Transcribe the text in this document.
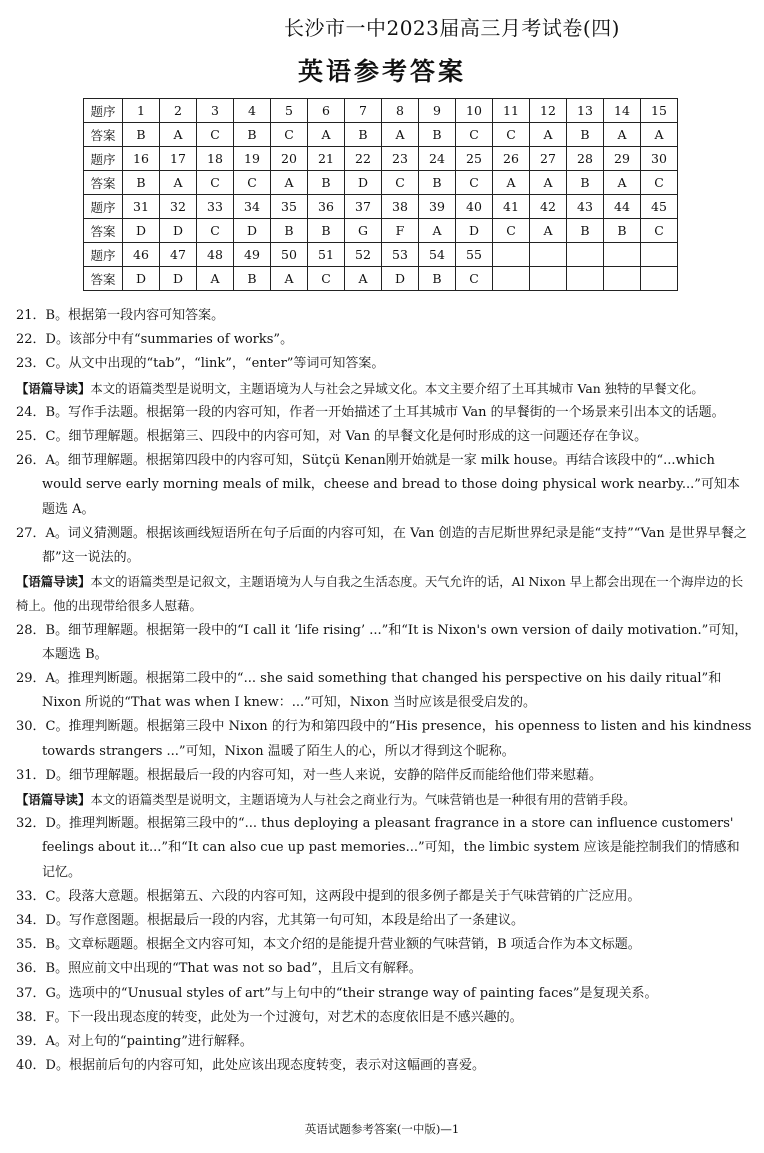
长沙市一中2023届高三月考试卷(四)
英语参考答案
题序	1	2	3	4	5	6	7	8	9	10	11	12	13	14	15
答案	B	A	C	B	C	A	B	A	B	C	C	A	B	A	A
题序	16	17	18	19	20	21	22	23	24	25	26	27	28	29	30
答案	B	A	C	C	A	B	D	C	B	C	A	A	B	A	C
题序	31	32	33	34	35	36	37	38	39	40	41	42	43	44	45
答案	D	D	C	D	B	B	G	F	A	D	C	A	B	B	C
题序	46	47	48	49	50	51	52	53	54	55					
答案	D	D	A	B	A	C	A	D	B	C					
21．B。根据第一段内容可知答案。
22．D。该部分中有“summaries of works”。
23．C。从文中出现的“tab”，“link”，“enter”等词可知答案。
【语篇导读】本文的语篇类型是说明文，主题语境为人与社会之异域文化。本文主要介绍了土耳其城市 Van 独特的早餐文化。
24．B。写作手法题。根据第一段的内容可知，作者一开始描述了土耳其城市 Van 的早餐街的一个场景来引出本文的话题。
25．C。细节理解题。根据第三、四段中的内容可知，对 Van 的早餐文化是何时形成的这一问题还存在争议。
26．A。细节理解题。根据第四段中的内容可知，Sütçü Kenan刚开始就是一家 milk house。再结合该段中的“...which would serve early morning meals of milk，cheese and bread to those doing physical work nearby...”可知本题选 A。
27．A。词义猜测题。根据该画线短语所在句子后面的内容可知，在 Van 创造的吉尼斯世界纪录是能“支持”“Van 是世界早餐之都”这一说法的。
【语篇导读】本文的语篇类型是记叙文，主题语境为人与自我之生活态度。天气允许的话，Al Nixon 早上都会出现在一个海岸边的长椅上。他的出现带给很多人慰藉。
28．B。细节理解题。根据第一段中的“I call it ‘life rising’ ...”和“It is Nixon's own version of daily motivation.”可知，本题选 B。
29．A。推理判断题。根据第二段中的“... she said something that changed his perspective on his daily ritual”和 Nixon 所说的“That was when I knew：...”可知，Nixon 当时应该是很受启发的。
30．C。推理判断题。根据第三段中 Nixon 的行为和第四段中的“His presence，his openness to listen and his kindness towards strangers ...”可知，Nixon 温暖了陌生人的心，所以才得到这个昵称。
31．D。细节理解题。根据最后一段的内容可知，对一些人来说，安静的陪伴反而能给他们带来慰藉。
【语篇导读】本文的语篇类型是说明文，主题语境为人与社会之商业行为。气味营销也是一种很有用的营销手段。
32．D。推理判断题。根据第三段中的“... thus deploying a pleasant fragrance in a store can influence customers' feelings about it...”和“It can also cue up past memories...”可知，the limbic system 应该是能控制我们的情感和记忆。
33．C。段落大意题。根据第五、六段的内容可知，这两段中提到的很多例子都是关于气味营销的广泛应用。
34．D。写作意图题。根据最后一段的内容，尤其第一句可知，本段是给出了一条建议。
35．B。文章标题题。根据全文内容可知，本文介绍的是能提升营业额的气味营销，B 项适合作为本文标题。
36．B。照应前文中出现的“That was not so bad”，且后文有解释。
37．G。选项中的“Unusual styles of art”与上句中的“their strange way of painting faces”是复现关系。
38．F。下一段出现态度的转变，此处为一个过渡句，对艺术的态度依旧是不感兴趣的。
39．A。对上句的“painting”进行解释。
40．D。根据前后句的内容可知，此处应该出现态度转变，表示对这幅画的喜爱。
英语试题参考答案(一中版)—1
